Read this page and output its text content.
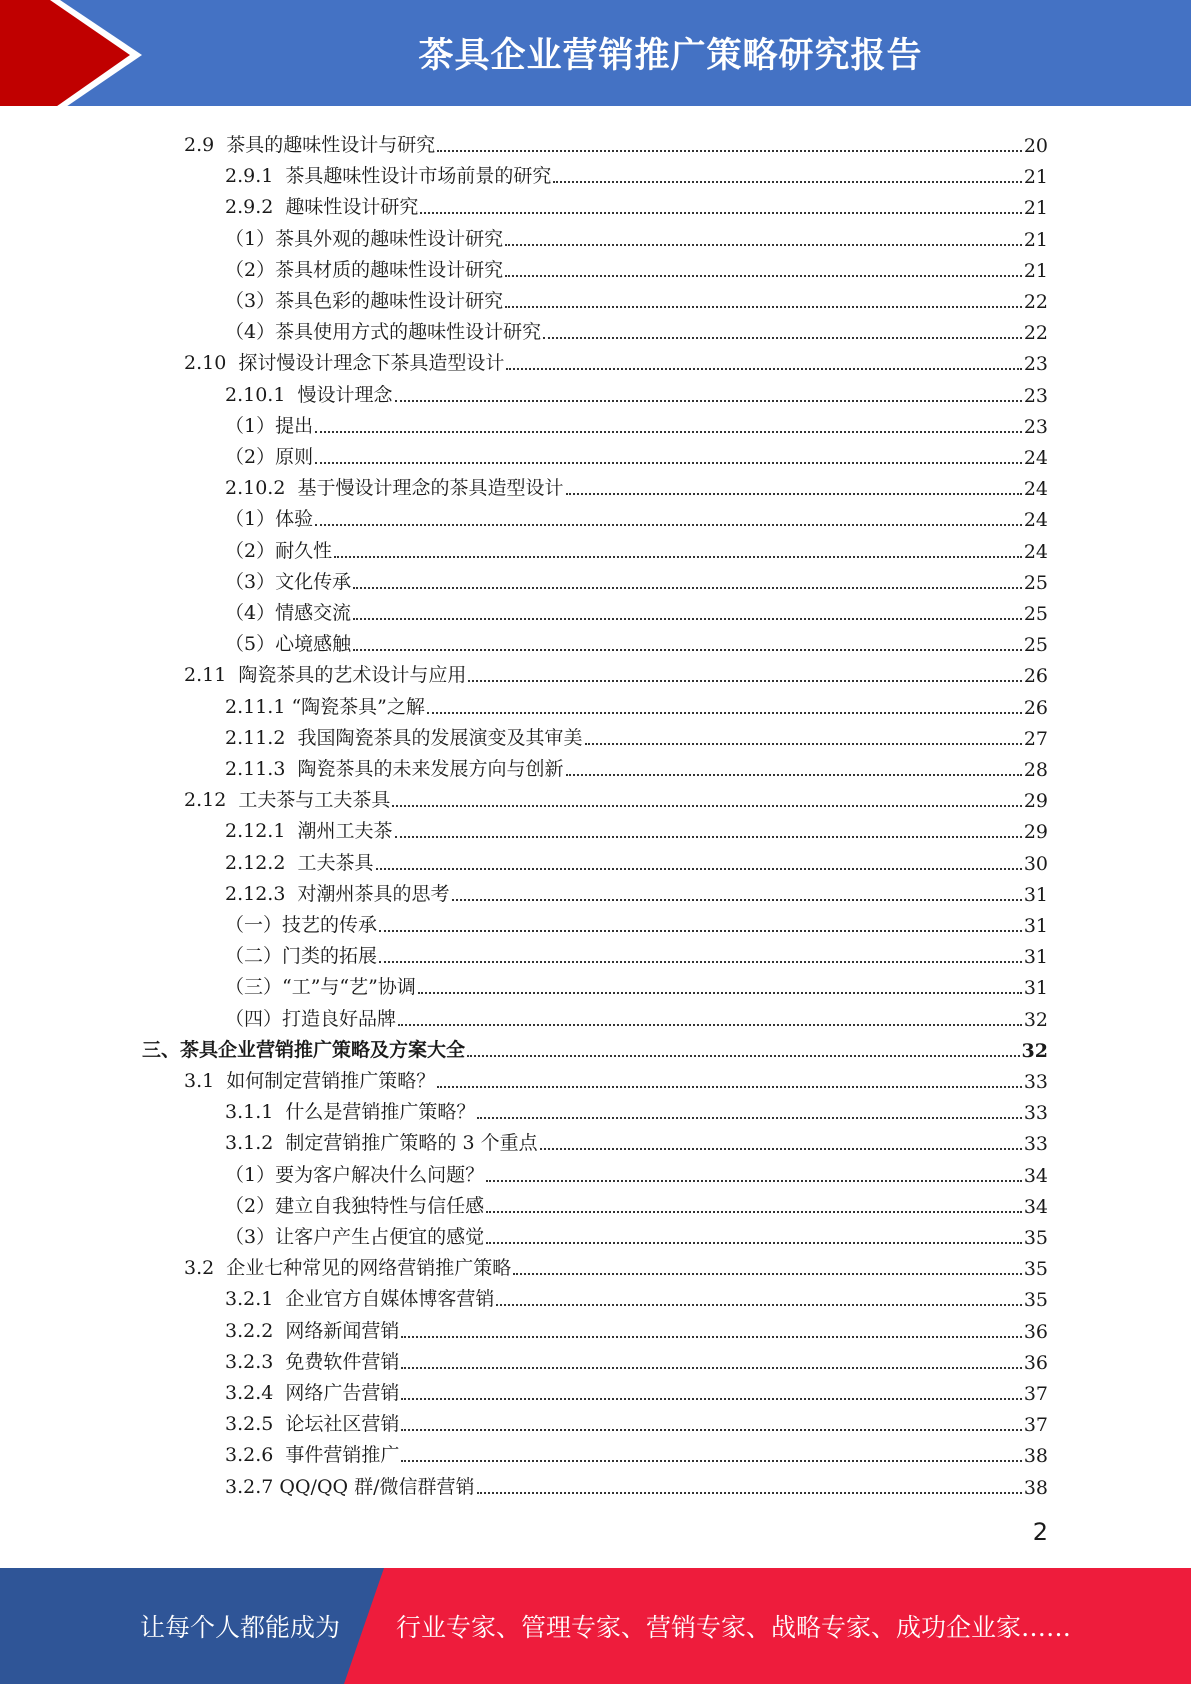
茶具企业营销推广策略研究报告
2.9  茶具的趣味性设计与研究	20
2.9.1  茶具趣味性设计市场前景的研究	21
2.9.2  趣味性设计研究	21
（1）茶具外观的趣味性设计研究	21
（2）茶具材质的趣味性设计研究	21
（3）茶具色彩的趣味性设计研究	22
（4）茶具使用方式的趣味性设计研究	22
2.10  探讨慢设计理念下茶具造型设计	23
2.10.1  慢设计理念	23
（1）提出	23
（2）原则	24
2.10.2  基于慢设计理念的茶具造型设计	24
（1）体验	24
（2）耐久性	24
（3）文化传承	25
（4）情感交流	25
（5）心境感触	25
2.11  陶瓷茶具的艺术设计与应用	26
2.11.1 “陶瓷茶具”之解	26
2.11.2  我国陶瓷茶具的发展演变及其审美	27
2.11.3  陶瓷茶具的未来发展方向与创新	28
2.12  工夫茶与工夫茶具	29
2.12.1  潮州工夫茶	29
2.12.2  工夫茶具	30
2.12.3  对潮州茶具的思考	31
（一）技艺的传承	31
（二）门类的拓展	31
（三）“工”与“艺”协调	31
（四）打造良好品牌	32
三、茶具企业营销推广策略及方案大全	32
3.1  如何制定营销推广策略？	33
3.1.1  什么是营销推广策略？	33
3.1.2  制定营销推广策略的 3 个重点	33
（1）要为客户解决什么问题？	34
（2）建立自我独特性与信任感	34
（3）让客户产生占便宜的感觉	35
3.2  企业七种常见的网络营销推广策略	35
3.2.1  企业官方自媒体博客营销	35
3.2.2  网络新闻营销	36
3.2.3  免费软件营销	36
3.2.4  网络广告营销	37
3.2.5  论坛社区营销	37
3.2.6  事件营销推广	38
3.2.7 QQ/QQ 群/微信群营销	38
2
让每个人都能成为 行业专家、管理专家、营销专家、战略专家、成功企业家……
